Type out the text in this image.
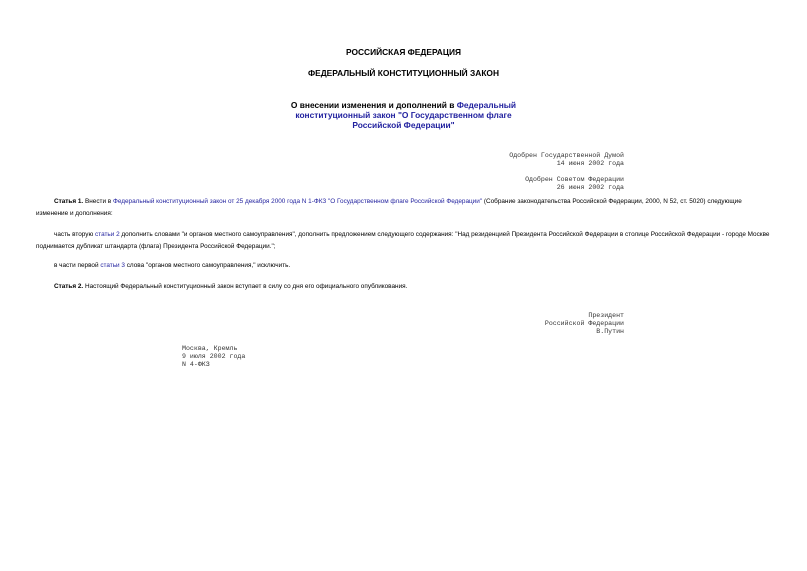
РОССИЙСКАЯ ФЕДЕРАЦИЯ

ФЕДЕРАЛЬНЫЙ КОНСТИТУЦИОННЫЙ ЗАКОН

О внесении изменения и дополнений в Федеральный
конституционный закон "О Государственном флаге
Российской Федерации"

Одобрен Государственной Думой
14 июня 2002 года
Одобрен Советом Федерации
26 июня 2002 года

Статья 1. Внести в Федеральный конституционный закон от 25 декабря 2000 года N 1-ФКЗ "О Государственном флаге Российской Федерации" (Собрание законодательства Российской Федерации, 2000, N 52, ст. 5020) следующие изменение и дополнения:

часть вторую статьи 2 дополнить словами "и органов местного самоуправления", дополнить предложением следующего содержания: "Над резиденцией Президента Российской Федерации в столице Российской Федерации - городе Москве поднимается дубликат штандарта (флага) Президента Российской Федерации.";

в части первой статьи 3 слова "органов местного самоуправления," исключить.

Статья 2. Настоящий Федеральный конституционный закон вступает в силу со дня его официального опубликования.

Президент
Российской Федерации
В.Путин
Москва, Кремль
9 июля 2002 года
N 4-ФКЗ
